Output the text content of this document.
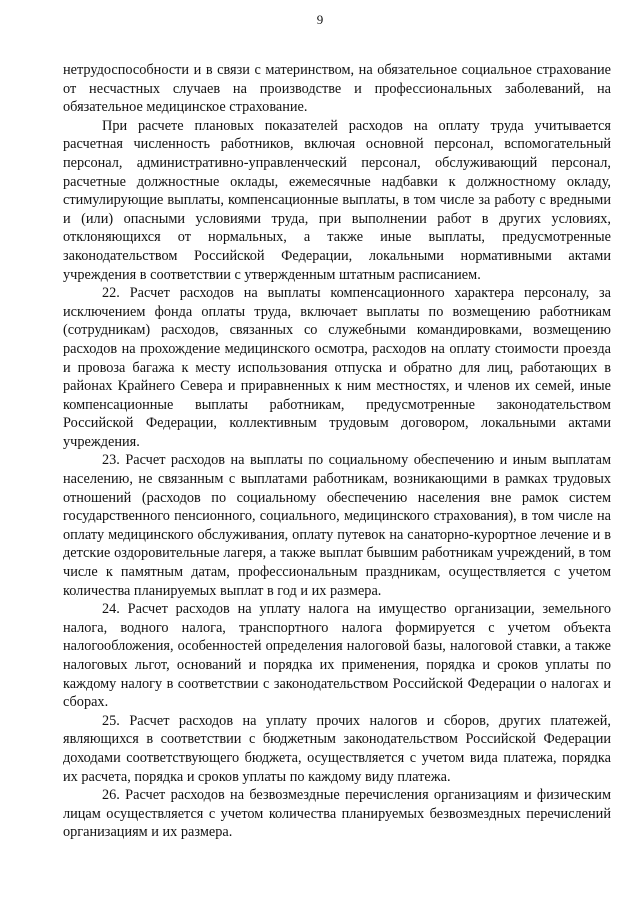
9

нетрудоспособности и в связи с материнством, на обязательное социальное страхование от несчастных случаев на производстве и профессиональных заболеваний, на обязательное медицинское страхование.

При расчете плановых показателей расходов на оплату труда учитывается расчетная численность работников, включая основной персонал, вспомогательный персонал, административно-управленческий персонал, обслуживающий персонал, расчетные должностные оклады, ежемесячные надбавки к должностному окладу, стимулирующие выплаты, компенсационные выплаты, в том числе за работу с вредными и (или) опасными условиями труда, при выполнении работ в других условиях, отклоняющихся от нормальных, а также иные выплаты, предусмотренные законодательством Российской Федерации, локальными нормативными актами учреждения в соответствии с утвержденным штатным расписанием.

22. Расчет расходов на выплаты компенсационного характера персоналу, за исключением фонда оплаты труда, включает выплаты по возмещению работникам (сотрудникам) расходов, связанных со служебными командировками, возмещению расходов на прохождение медицинского осмотра, расходов на оплату стоимости проезда и провоза багажа к месту использования отпуска и обратно для лиц, работающих в районах Крайнего Севера и приравненных к ним местностях, и членов их семей, иные компенсационные выплаты работникам, предусмотренные законодательством Российской Федерации, коллективным трудовым договором, локальными актами учреждения.

23. Расчет расходов на выплаты по социальному обеспечению и иным выплатам населению, не связанным с выплатами работникам, возникающими в рамках трудовых отношений (расходов по социальному обеспечению населения вне рамок систем государственного пенсионного, социального, медицинского страхования), в том числе на оплату медицинского обслуживания, оплату путевок на санаторно-курортное лечение и в детские оздоровительные лагеря, а также выплат бывшим работникам учреждений, в том числе к памятным датам, профессиональным праздникам, осуществляется с учетом количества планируемых выплат в год и их размера.

24. Расчет расходов на уплату налога на имущество организации, земельного налога, водного налога, транспортного налога формируется с учетом объекта налогообложения, особенностей определения налоговой базы, налоговой ставки, а также налоговых льгот, оснований и порядка их применения, порядка и сроков уплаты по каждому налогу в соответствии с законодательством Российской Федерации о налогах и сборах.

25. Расчет расходов на уплату прочих налогов и сборов, других платежей, являющихся в соответствии с бюджетным законодательством Российской Федерации доходами соответствующего бюджета, осуществляется с учетом вида платежа, порядка их расчета, порядка и сроков уплаты по каждому виду платежа.

26. Расчет расходов на безвозмездные перечисления организациям и физическим лицам осуществляется с учетом количества планируемых безвозмездных перечислений организациям и их размера.
